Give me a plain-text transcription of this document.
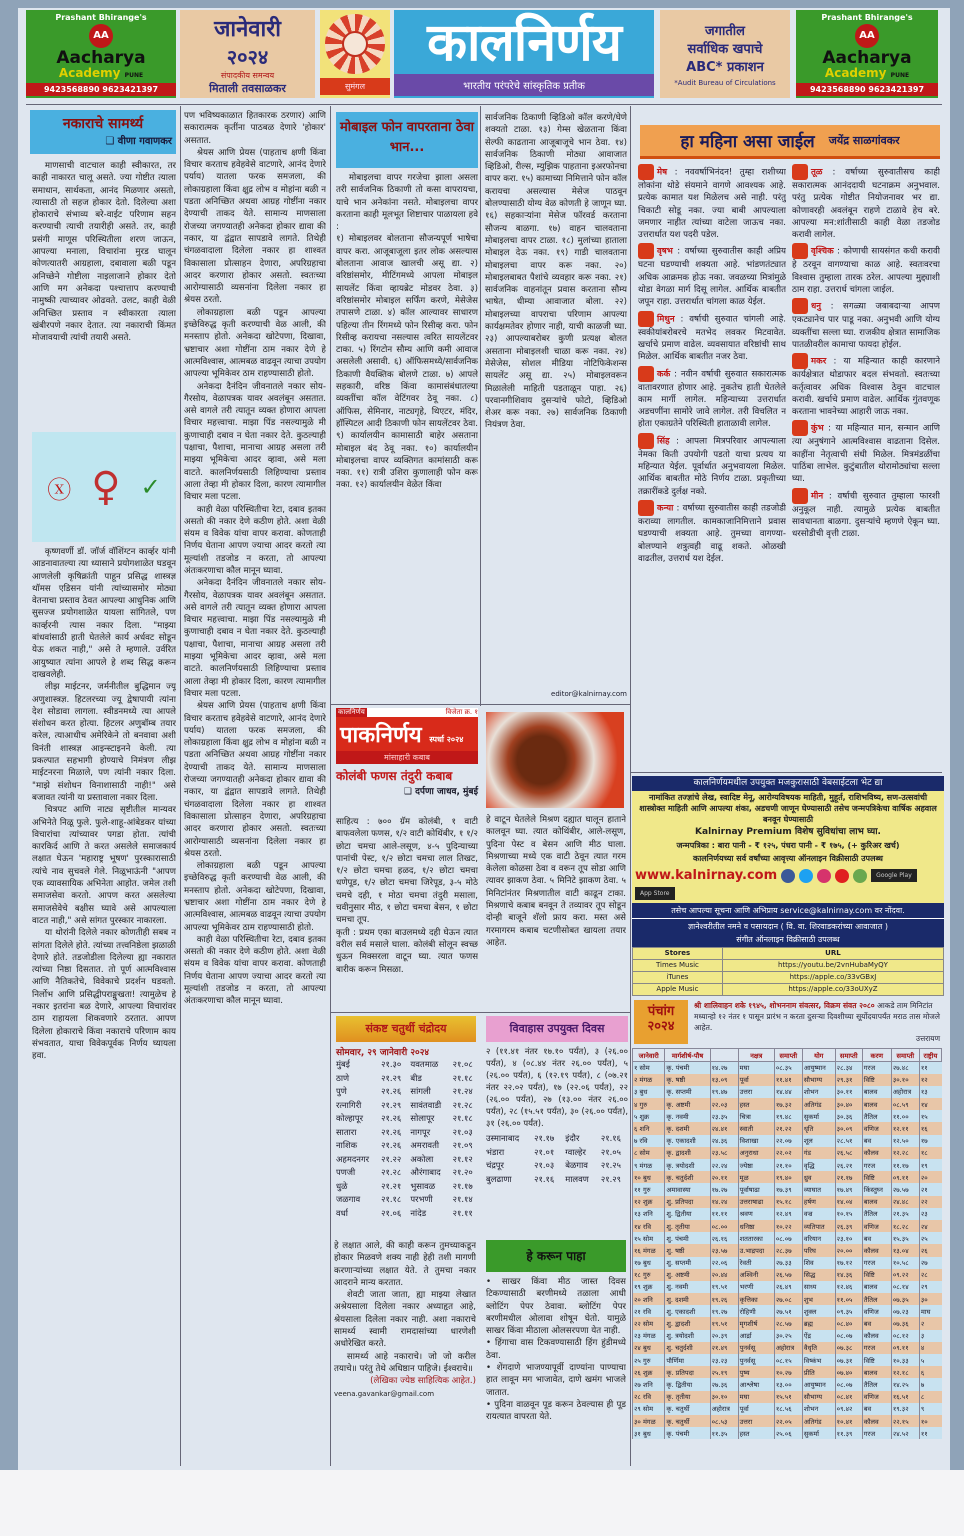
Prashant Bhirange's
AA
Aacharya
Academy PUNE
9423568890 9623421397
जानेवारी
२०२४
संपादकीय समन्वय
मिताली तवसाळकर	सुमंगल
कालनिर्णय
भारतीय परंपरेचे सांस्कृतिक प्रतीक
जगातील
सर्वाधिक खपाचे
ABC* प्रकाशन
*Audit Bureau of Circulations
Prashant Bhirange's
AA
Aacharya
Academy PUNE
9423568890 9623421397
नकाराचे सामर्थ्य
❑ वीणा गवाणकर

माणसाची वाटचाल काही स्वीकारत, तर काही नाकारत चालू असते. ज्या गोष्टीत त्याला समाधान, सार्थकता, आनंद मिळणार असतो, त्यासाठी तो सहज होकार देतो. दिलेल्या अशा होकाराचे संभाव्य बरे-वाईट परिणाम सहन करण्याची त्याची तयारीही असते. तर, काही प्रसंगी माणूस परिस्थितीला शरण जाऊन, आपल्या मनाला, विचारांना मुरड घालून कोणत्यातरी आग्रहाला, दबावाला बळी पडून अनिच्छेने गोष्टीला नाइलाजाने होकार देतो आणि मग अनेकदा पश्चात्ताप करण्याची नामुष्की त्याच्यावर ओढवते. उलट, काही वेळी अनिच्छित प्रस्ताव न स्वीकारता त्याला खंबीरपणे नकार देतात. त्या नकाराची किंमत मोजावयाची त्यांची तयारी असते.

ⓧ ♀ ✓

कृष्णवर्णी डॉ. जॉर्ज वॉशिंग्टन कार्व्हर यांनी आडनावातल्या त्या ध्यासाने प्रयोगशाळेत घडवून आणलेली कृषिक्रांती पाहून प्रसिद्ध शास्त्रज्ञ थॉमस एडिसन यांनी त्यांच्यासमोर मोठ्या वेतनाचा प्रस्ताव ठेवत आपल्या आधुनिक आणि सुसज्ज प्रयोगशाळेत यायला सांगितले, पण कार्व्हरनी त्यास नकार दिला. "माझ्या बांधवांसाठी हाती घेतलेले कार्य अर्धवट सोडून येऊ शकत नाही," असे ते म्हणाले. उर्वरित आयुष्यात त्यांना आपले हे शब्द सिद्ध करून दाखवलेही.

लीझ माईटनर, जर्मनीतील बुद्धिमान ज्यू अणुशास्त्रज्ञ. हिटलरच्या ज्यू द्वेषापायी त्यांना देश सोडावा लागला. स्वीडनमध्ये त्या आपले संशोधन करत होत्या. हिटलर अणुबॉम्ब तयार करेल, त्याआधीच अमेरिकेने तो बनवावा अशी विनंती शास्त्रज्ञ आइन्स्टाइनने केली. त्या प्रकल्पात सहभागी होण्याचे निमंत्रण लीझ माईटनरना मिळाले, पण त्यांनी नकार दिला. "माझे संशोधन विनाशासाठी नाही!" असे बजावत त्यांनी या प्रस्तावाला नकार दिला.

चित्रपट आणि नाट्य सृष्टीतील मान्यवर अभिनेते निळू फुले. फुले-शाहू-आंबेडकर यांच्या विचारांचा त्यांच्यावर पगडा होता. त्यांची कारकिर्द आणि ते करत असलेले समाजकार्य लक्षात घेऊन 'महाराष्ट्र भूषण' पुरस्कारासाठी त्यांचे नाव सुचवले गेले. निळूभाऊंनी "आपण एक व्यावसायिक अभिनेता आहोत. जमेल तशी समाजसेवा करतो. आपण करत असलेल्या समाजसेवेचे बक्षीस घ्यावे असे आपल्याला वाटत नाही," असे सांगत पुरस्कार नाकारला.

या थोरांनी दिलेले नकार कोणतीही सबब न सांगता दिलेले होते. त्यांच्या तत्त्वनिष्ठेला झळाळी देणारे होते. तडजोडीला दिलेल्या ह्या नकारात त्यांच्या निष्ठा दिसतात. तो पूर्ण आत्मविश्वास आणि नैतिकतेचे, विवेकाचे प्रदर्शन घडवतो. निर्लोभ आणि प्रसिद्धीपराङ्मुखता! त्यामुळेच हे नकार इतरांना बळ देणारे, आपल्या विचारांवर ठाम राहायला शिकवणारे ठरतात. आपण दिलेला होकाराचे किंवा नकाराचे परिणाम काय संभवतात, याचा विवेकपूर्वक निर्णय घ्यायला हवा.

पण भविष्यकाळात हितकारक ठरणार) आणि सकारात्मक कृतींना पाठबळ देणारे 'होकार' असतात.

श्रेयस आणि प्रेयस (पाहताच क्षणी किंवा विचार करताच हवेहवेसे वाटणारे, आनंद देणारे पर्याय) यातला फरक समजला, की लोकाग्रहाला किंवा क्षुद्र लोभ व मोहांना बळी न पडता अनिच्छित अथवा आग्रह गोष्टींना नकार देण्याची ताकद येते. सामान्य माणसाला रोजच्या जगण्यातही अनेकदा होकार द्यावा की नकार, या द्वंद्वात सापडावे लागते. तिथेही चंगळवादाला दिलेला नकार हा शाश्वत विकासाला प्रोत्साहन देणारा, अपरिग्रहाचा आदर करणारा होकार असतो. स्वतःच्या आरोग्यासाठी व्यसनांना दिलेला नकार हा श्रेयस ठरतो.

लोकाग्रहाला बळी पडून आपल्या इच्छेविरुद्ध कृती करण्याची वेळ आली, की मनस्ताप होतो. अनेकदा खोटेपणा, दिखावा, भ्रष्टाचार अशा गोष्टींना ठाम नकार देणे हे आत्मविश्वास, आत्मबळ वाढवून त्याचा उपयोग आपल्या भूमिकेवर ठाम राहण्यासाठी होतो.

अनेकदा दैनंदिन जीवनातले नकार सोय-गैरसोय, वेळापत्रक यावर अवलंबून असतात. असे वागले तरी त्यातून व्यक्त होणारा आपला विचार महत्त्वाचा. माझा पिंड नसल्यामुळे मी कुणाचाही दबाव न घेता नकार देते. कुठल्याही पक्षाचा, पैशाचा, मानाचा आग्रह असला तरी माझ्या भूमिकेचा आदर व्हावा, असे मला वाटते. कालनिर्णयसाठी लिहिण्याचा प्रस्ताव आला तेव्हा मी होकार दिला, कारण त्यामागील विचार मला पटला.

काही वेळा परिस्थितीचा रेटा, दबाव इतका असतो की नकार देणे कठीण होते. अशा वेळी संयम व विवेक यांचा वापर करावा. कोणताही निर्णय घेताना आपण ज्याचा आदर करतो त्या मूल्यांशी तडजोड न करता, तो आपल्या अंतःकरणाचा कौल मानून घ्यावा.

अनेकदा दैनंदिन जीवनातले नकार सोय-गैरसोय, वेळापत्रक यावर अवलंबून असतात. असे वागले तरी त्यातून व्यक्त होणारा आपला विचार महत्त्वाचा. माझा पिंड नसल्यामुळे मी कुणाचाही दबाव न घेता नकार देते. कुठल्याही पक्षाचा, पैशाचा, मानाचा आग्रह असला तरी माझ्या भूमिकेचा आदर व्हावा, असे मला वाटते. कालनिर्णयसाठी लिहिण्याचा प्रस्ताव आला तेव्हा मी होकार दिला, कारण त्यामागील विचार मला पटला.

श्रेयस आणि प्रेयस (पाहताच क्षणी किंवा विचार करताच हवेहवेसे वाटणारे, आनंद देणारे पर्याय) यातला फरक समजला, की लोकाग्रहाला किंवा क्षुद्र लोभ व मोहांना बळी न पडता अनिच्छित अथवा आग्रह गोष्टींना नकार देण्याची ताकद येते. सामान्य माणसाला रोजच्या जगण्यातही अनेकदा होकार द्यावा की नकार, या द्वंद्वात सापडावे लागते. तिथेही चंगळवादाला दिलेला नकार हा शाश्वत विकासाला प्रोत्साहन देणारा, अपरिग्रहाचा आदर करणारा होकार असतो. स्वतःच्या आरोग्यासाठी व्यसनांना दिलेला नकार हा श्रेयस ठरतो.

लोकाग्रहाला बळी पडून आपल्या इच्छेविरुद्ध कृती करण्याची वेळ आली, की मनस्ताप होतो. अनेकदा खोटेपणा, दिखावा, भ्रष्टाचार अशा गोष्टींना ठाम नकार देणे हे आत्मविश्वास, आत्मबळ वाढवून त्याचा उपयोग आपल्या भूमिकेवर ठाम राहण्यासाठी होतो.

काही वेळा परिस्थितीचा रेटा, दबाव इतका असतो की नकार देणे कठीण होते. अशा वेळी संयम व विवेक यांचा वापर करावा. कोणताही निर्णय घेताना आपण ज्याचा आदर करतो त्या मूल्यांशी तडजोड न करता, तो आपल्या अंतःकरणाचा कौल मानून घ्यावा.

हे लक्षात आले, की काही करून तुमच्याकडून होकार मिळवणे शक्य नाही हेही तशी मागणी करणाऱ्यांच्या लक्षात येते. ते तुमचा नकार आदराने मान्य करतात.

शेवटी जाता जाता, ह्या माझ्या लेखात अश्रेयसाला दिलेला नकार अध्याहृत आहे, श्रेयसाला दिलेला नकार नाही. अशा नकाराचे सामर्थ्य स्वामी रामदासांच्या धारणेशी अधोरेखित करते.

सामर्थ्य आहे नकाराचे। जो जो करील तयाचे॥ परंतु तेथे अधिष्ठान पाहिजे। ईश्वराचे॥

(लेखिका ज्येष्ठ साहित्यिक आहेत.)
veena.gavankar@gmail.com
मोबाइल फोन वापरताना ठेवा भान...

मोबाइलचा वापर गरजेचा झाला असला तरी सार्वजनिक ठिकाणी तो कसा वापरायचा, याचे भान अनेकांना नसते. मोबाइलचा वापर करताना काही मूलभूत शिष्टाचार पाळायला हवे :

१) मोबाइलवर बोलताना सौजन्यपूर्ण भाषेचा वापर करा. आजूबाजूला इतर लोक असल्यास बोलताना आवाज खालची असू द्या. २) वरिष्ठांसमोर, मीटिंगमध्ये आपला मोबाइल सायलेंट किंवा व्हायब्रेट मोडवर ठेवा. ३) वरिष्ठांसमोर मोबाइल सर्फिंग करणे, मेसेजेस तपासणे टाळा. ४) कॉल आल्यावर साधारण पहिल्या तीन रिंगमध्ये फोन रिसीव्ह करा. फोन रिसीव्ह करायचा नसल्यास त्वरित सायलेंटवर टाका. ५) रिंगटोन सौम्य आणि कमी आवाज असलेली असावी. ६) ऑफिसमध्ये/सार्वजनिक ठिकाणी वैयक्तिक बोलणे टाळा. ७) आपले सहकारी, वरिष्ठ किंवा कामासंबंधातल्या व्यक्तींचा कॉल वेटिंगवर ठेवू नका. ८) ऑफिस, सेमिनार, नाट्यगृहे, थिएटर, मंदिर, हॉस्पिटल आदी ठिकाणी फोन सायलेंटवर ठेवा. ९) कार्यालयीन कामासाठी बाहेर असताना मोबाइल बंद ठेवू नका. १०) कार्यालयीन मोबाइलचा वापर व्यक्तिगत कामांसाठी करू नका. ११) रात्री उशिरा कुणालाही फोन करू नका. १२) कार्यालयीन वेळेत किंवा
सार्वजनिक ठिकाणी व्हिडिओ कॉल करणे/घेणे शक्यतो टाळा. १३) गेम्स खेळताना किंवा सेल्फी काढताना आजूबाजूचे भान ठेवा. १४) सार्वजनिक ठिकाणी मोठ्या आवाजात व्हिडिओ, रील्स, म्युझिक पाहताना इअरफोनचा वापर करा. १५) कामाच्या निमित्ताने फोन कॉल करायचा असल्यास मेसेज पाठवून बोलण्यासाठी योग्य वेळ कोणती हे जाणून घ्या. १६) सहकाऱ्यांना मेसेज फॉरवर्ड करताना सौजन्य बाळगा. १७) वाहन चालवताना मोबाइलचा वापर टाळा. १८) मुलांच्या हाताला मोबाइल देऊ नका. १९) गाडी चालवताना मोबाइलचा वापर करू नका. २०) मोबाइलबाबत पैशांचे व्यवहार करू नका. २१) सार्वजनिक वाहनांतून प्रवास करताना सौम्य भाषेत, धीम्या आवाजात बोला. २२) मोबाइलच्या वापराचा परिणाम आपल्या कार्यक्षमतेवर होणार नाही, याची काळजी घ्या. २३) आपल्याबरोबर कुणी प्रत्यक्ष बोलत असताना मोबाइलशी चाळा करू नका. २४) मेसेजेस, सोशल मीडिया नोटिफिकेशन्स सायलेंट असू द्या. २५) मोबाइलवरून मिळालेली माहिती पडताळून पाहा. २६) परवानगीशिवाय दुसऱ्यांचे फोटो, व्हिडिओ शेअर करू नका. २७) सार्वजनिक ठिकाणी नियंत्रण ठेवा.
editor@kalnirnay.com
कालनिर्णय	विजेता क्र. १
पाकनिर्णय स्पर्धा २०२४
मांसाहारी कबाब
कोलंबी फणस तंदुरी कबाब
❑ दर्पणा जाधव, मुंबई
साहित्य : ७०० ग्रॅम कोलंबी, १ वाटी बाफवलेला फणस, १/२ वाटी कोथिंबीर, १ १/२ छोटा चमचा आले-लसूण, ४-५ पुदिन्याच्या पानांची पेस्ट, १/२ छोटा चमचा लाल तिखट, १/२ छोटा चमचा हळद, १/२ छोटा चमचा धणेपूड, १/२ छोटा चमचा जिरेपूड, ३-५ मोठे चमचे दही, १ मोठा चमचा तंदुरी मसाला, चवीनुसार मीठ, १ छोटा चमचा बेसन, १ छोटा चमचा तूप.
कृती : प्रथम एका बाउलमध्ये दही घेऊन त्यात वरील सर्व मसाले घाला. कोलंबी सोलून स्वच्छ धुऊन मिक्सरला वाटून घ्या. त्यात फणस बारीक करून मिसळा.
हे वाटून घेतलेले मिश्रण दह्यात घालून हाताने कालवून घ्या. त्यात कोथिंबीर, आले-लसूण, पुदिना पेस्ट व बेसन आणि मीठ घाला. मिश्रणाच्या मध्ये एक वाटी ठेवून त्यात गरम केलेला कोळसा ठेवा व वरून तूप सोडा आणि त्यावर झाकण ठेवा. ५ मिनिटे झाकण ठेवा. ५ मिनिटांनंतर मिश्रणातील वाटी काढून टाका. मिश्रणाचे कबाब बनवून ते तव्यावर तूप सोडून दोन्ही बाजूने शॅलो फ्राय करा. मस्त असे गरमागरम कबाब चटणीसोबत खायला तयार आहेत.
संकष्ट चतुर्थी चंद्रोदय
सोमवार, २९ जानेवारी २०२४
मुंबई	२१.३०	यवतमाळ	२१.०८
ठाणे	२१.२९	बीड	२१.१८
पुणे	२१.२६	सांगली	२१.२४
रत्नागिरी	२१.२९	सावंतवाडी	२१.२८
कोल्हापूर	२१.२६	सोलापूर	२१.१८
सातारा	२१.२६	नागपूर	२१.०३
नाशिक	२१.२६	अमरावती	२१.०९
अहमदनगर	२१.२२	अकोला	२१.१२
पणजी	२१.२८	औरंगाबाद	२१.२०
धुळे	२१.२१	भुसावळ	२१.१७
जळगाव	२१.१८	परभणी	२१.१४
वर्धा	२१.०६	नांदेड	२१.११
विवाहास उपयुक्त दिवस
२ (११.४१ नंतर १७.१० पर्यंत), ३ (२६.०० पर्यंत), ४ (०८.४४ नंतर २६.०० पर्यंत), ५ (२६.०० पर्यंत), ६ (१२.१९ पर्यंत), ८ (०७.२१ नंतर २२.०२ पर्यंत), १७ (२२.०६ पर्यंत), २२ (२६.०० पर्यंत), २७ (१३.०० नंतर २६.०० पर्यंत), २८ (१५.५१ पर्यंत), ३० (२६.०० पर्यंत), ३१ (२६.०० पर्यंत).
उस्मानाबाद	२१.१७	इंदौर	२१.१६
भंडारा	२१.०१	ग्वाल्हेर	२१.०५
चंद्रपूर	२१.०३	बेळगाव	२१.२५
बुलढाणा	२१.१६	मालवण	२१.२९
हे करून पाहा
• साखर किंवा मीठ जास्त दिवस टिकण्यासाठी बरणीमध्ये तळाला आधी ब्लोटिंग पेपर ठेवावा. ब्लोटिंग पेपर बरणीमधील ओलावा शोषून घेतो. यामुळे साखर किंवा मीठाला ओलसरपणा येत नाही.
• हिंगाचा वास टिकवण्यासाठी हिंग हुंडीमध्ये ठेवा.
• शेंगदाणे भाजण्यापूर्वी दाण्यांना पाण्याचा हात लावून मग भाजावेत, दाणे खमंग भाजले जातात.
• पुदिना वाळवून पूड करून ठेवल्यास ही पूड रायत्यात वापरता येते.
हा महिना असा जाईल जयेंद्र साळगांवकर
मेष : नववर्षाभिनंदन! तुम्हा राशीच्या लोकांना थोडे संयमाने वागणे आवश्यक आहे. प्रत्येक कामात यश मिळेलच असे नाही. परंतु चिकाटी सोडू नका. ज्या बाबी आपल्याला जमणार नाहीत त्यांच्या वाटेला जाऊच नका. उत्तरार्धात यश पदरी पडेल.
वृषभ : वर्षाच्या सुरुवातीस काही अप्रिय घटना घडण्याची शक्यता आहे. भांडणतंट्यात अधिक आक्रमक होऊ नका. जवळच्या मित्रांमुळे थोडा वेगळा मार्ग दिसू लागेल. आर्थिक बाबतीत जपून राहा. उत्तरार्धात चांगला काळ येईल.
मिथुन : वर्षाची सुरुवात चांगली आहे. स्वकीयांबरोबरचे मतभेद लवकर मिटवावेत. खर्चाचे प्रमाण वाढेल. व्यवसायात वरिष्ठांची साथ मिळेल. आर्थिक बाबतीत नजर ठेवा.
कर्क : नवीन वर्षाची सुरुवात सकारात्मक वातावरणात होणार आहे. नुकतेच हाती घेतलेले काम मार्गी लागेल. महिन्याच्या उत्तरार्धात अडचणींना सामोरे जावे लागेल. तरी विचलित न होता एकाग्रतेने परिस्थिती हाताळावी लागेल.
सिंह : आपला मित्रपरिवार आपल्याला नेमका किती उपयोगी पडतो याचा प्रत्यय या महिन्यात येईल. पूर्वार्धात अनुभवायला मिळेल. आर्थिक बाबतीत मोठे निर्णय टाळा. प्रकृतीच्या तक्रारींकडे दुर्लक्ष नको.
कन्या : वर्षाच्या सुरुवातीस काही तडजोडी कराव्या लागतील. कामकाजानिमित्ताने प्रवास घडण्याची शक्यता आहे. तुमच्या वागण्या-बोलण्याने शत्रुत्वही वाढू शकते. ओळखी वाढतील, उत्तरार्ध यश देईल.
तूळ : वर्षाच्या सुरुवातीसच काही सकारात्मक आनंददायी घटनाक्रम अनुभवाल. परंतु प्रत्येक गोष्टीत नियोजनावर भर द्या. कोणावरही अवलंबून राहणे टाळावे हेच बरे. आपल्या मन:शांतीसाठी काही वेळा तडजोड करावी लागेल.
वृश्चिक : कोणाची सायसंगत कधी करावी हे ठरवून वागण्याचा काळ आहे. स्वतःवरचा विश्वास तुम्हाला तारक ठरेल. आपल्या मुद्द्याशी ठाम राहा. उत्तरार्ध चांगला जाईल.
धनु : सगळ्या जबाबदाऱ्या आपण एकट्यानेच पार पाडू नका. अनुभवी आणि योग्य व्यक्तींचा सल्ला घ्या. राजकीय क्षेत्रात सामाजिक पातळीवरील कामाचा फायदा होईल.
मकर : या महिन्यात काही कारणाने कार्यक्षेत्रात थोडाफार बदल संभवतो. स्वतःच्या कर्तृत्वावर अधिक विश्वास ठेवून वाटचाल करावी. खर्चाचे प्रमाण वाढेल. आर्थिक गुंतवणूक करताना भावनेच्या आहारी जाऊ नका.
कुंभ : या महिन्यात मान, सन्मान आणि त्या अनुषंगाने आत्मविश्वास वाढताना दिसेल. काहींना नेतृत्वाची संधी मिळेल. मित्रमंडळींचा पाठिंबा लाभेल. कुटुंबातील थोरामोठ्यांचा सल्ला घ्या.
मीन : वर्षाची सुरुवात तुम्हाला फारशी अनुकूल नाही. त्यामुळे प्रत्येक बाबतीत सावधानता बाळगा. दुसऱ्यांचे म्हणणे ऐकून घ्या. धरसोडीची वृत्ती टाळा.
कालनिर्णयमधील उपयुक्त मजकुरासाठी वेबसाईटला भेट द्या
नामांकित तज्ज्ञांचे लेख, स्वादिष्ट मेनू, आरोग्यविषयक माहिती, मुहूर्त, राशिभविष्य, सण-उत्सवांची शास्त्रोक्त माहिती आणि आपल्या शंका, अडचणी जाणून घेण्यासाठी तसेच जन्मपत्रिकेचा वार्षिक अहवाल बनवून घेण्यासाठी
Kalnirnay Premium विशेष सुविधांचा लाभ घ्या.
जन्मपत्रिका : बारा पानी - ₹ १२५, पंधरा पानी - ₹ १७५, (+ कुरिअर खर्च)
कालनिर्णयच्या सर्व वर्षांच्या आवृत्त्या ऑनलाइन विक्रीसाठी उपलब्ध
www.kalnirnay.com	Google Play
App Store
तसेच आपल्या सूचना आणि अभिप्राय service@kalnirnay.com वर नोंदवा.
ज्ञानेश्वरीतील नमने व पसायदान ( वि. वा. शिरवाडकरांच्या आवाजात )
संगीत ऑनलाइन विक्रीसाठी उपलब्ध
Stores	URL
Times Music	https://youtu.be/2vnHubaMyQY
iTunes	https://apple.co/33vGBxJ
Apple Music	https://apple.co/33oUXyZ
पंचांग
२०२४
श्री शालिवाहन शके १९४५, शोभननाम संवत्सर, विक्रम संवत २०८० आकडे ताम मिनिटांत मध्यान्हो १२ नंतर १ पासून प्रारंभ न करता दुसऱ्या दिवशीच्या सूर्योदयापर्यंत मराठ तास मोजले आहेत.
उत्तरायण
जानेवारी	मार्गशीर्ष-पौष		नक्षत्र	समाप्ती	योग	समाप्ती	करण	समाप्ती	राष्ट्रीय
१ सोम	कृ. पंचमी	१४.२७	मघा	०८.३५	आयुष्मान	२८.३४	गरज	२७.४८	११
२ मंगळ	कृ. षष्ठी	१३.०९	पूर्वा	११.४१	सौभाग्य	२९.३१	विष्टि	३०.१०	१२
३ बुध	कृ. सप्तमी	१९.४७	उत्तरा	१४.४४	शोभन	३०.११	बालव	अहोरात्र	१३
४ गुरु	कृ. अष्टमी	२२.०३	हस्त	१७.३२	अतिगंड	३०.४०	बालव	०८.५९	१४
५ शुक्र	कृ. नवमी	२३.३५	चित्रा	१९.४८	सुकर्मा	३०.३६	तैतिल	११.००	१५
६ शनि	कृ. दशमी	२४.४१	स्वाती	२१.२२	धृति	३०.०९	वणिज	१२.११	१६
७ रवि	कृ. एकादशी	२४.३६	विशाखा	२२.०७	शूल	२८.५१	बव	१२.५०	१७
८ सोम	कृ. द्वादशी	२३.५८	अनुराधा	२२.०२	गंड	२६.५८	कौलव	१२.२८	१८
९ मंगळ	कृ. त्रयोदशी	२२.२४	ज्येष्ठा	२१.१०	वृद्धि	२६.२१	गरज	११.१७	१९
१० बुध	कृ. चतुर्दशी	२०.११	मूळ	१९.४०	ध्रुव	२१.१७	विष्टि	०९.११	२०
११ गुरु	अमावास्या	१७.२७	पूर्वाषाढा	१७.३९	व्याघात	१७.४९	किंस्तुघ्न	२७.५७	२१
१२ शुक्र	शु. प्रतिपदा	१४.२४	उत्तराषाढा	१५.१८	हर्षण	१४.०४	बालव	२४.४८	२२
१३ शनि	शु. द्वितीया	११.११	श्रवण	१२.४९	वज्र	१०.१५	तैतिल	२१.३५	२३
१४ रवि	शु. तृतीया	०८.००	धनिष्ठा	१०.२२	व्यतिपात	२६.३९	वणिज	१८.२८	२४
१५ सोम	शु. पंचमी	२६.१६	शततारका	०८.०७	वरियान	२३.१०	बव	१५.३५	२५
१६ मंगळ	शु. षष्ठी	२३.५७	उ.भाद्रपदा	२८.३७	परिघ	२०.००	कौलव	१३.०४	२६
१७ बुध	शु. सप्तमी	२२.०६	रेवती	२७.३३	शिव	१७.१२	गरज	१०.५८	२७
१८ गुरु	शु. अष्टमी	२०.४४	अश्विनी	२६.५७	सिद्ध	१४.३६	विष्टि	०९.२२	२८
१९ शुक्र	शु. नवमी	१९.५१	भरणी	२६.४९	साध्य	१२.४६	बालव	०८.१४	२९
२० शनि	शु. दशमी	१९.२६	कृत्तिका	२७.०८	शुभ	११.०५	तैतिल	०७.३५	३०
२१ रवि	शु. एकादशी	१९.२७	रोहिणी	२७.५१	शुक्ल	०९.३५	वणिज	०७.२३	माघ
२२ सोम	शु. द्वादशी	१९.५१	मृगशीर्ष	२८.५७	ब्रह्म	०८.४०	बव	०७.३६	२
२३ मंगळ	शु. त्रयोदशी	२०.३९	आर्द्रा	३०.२५	ऐंद्र	०८.०७	कौलव	०८.१२	३
२४ बुध	शु. चतुर्दशी	२१.४९	पुनर्वसू	अहोरात्र	वैधृति	०७.३८	गरज	०९.११	४
२५ गुरु	पौर्णिमा	२३.२३	पुनर्वसू	०८.१५	विष्कंभ	०७.३१	विष्टि	१०.३३	५
२६ शुक्र	कृ. प्रतिपदा	२५.१९	पुष्य	१०.२७	प्रीति	०७.४०	बालव	१२.१८	६
२७ शनि	कृ. द्वितीया	२७.३६	आश्लेषा	१३.००	आयुष्मान	०८.०७	तैतिल	१४.२५	७
२८ रवि	कृ. तृतीया	३०.१०	मघा	१५.५१	सौभाग्य	०८.४१	वणिज	१६.५१	८
२९ सोम	कृ. चतुर्थी	अहोरात्र	पूर्वा	१८.५६	शोभन	०९.४२	बव	१९.३२	९
३० मंगळ	कृ. चतुर्थी	०८.५३	उत्तरा	२२.०५	अतिगंड	१०.४१	कौलव	२२.१५	१०
३१ बुध	कृ. पंचमी	११.३५	हस्त	२५.०६	सुकर्मा	११.३९	गरज	२४.५२	११
